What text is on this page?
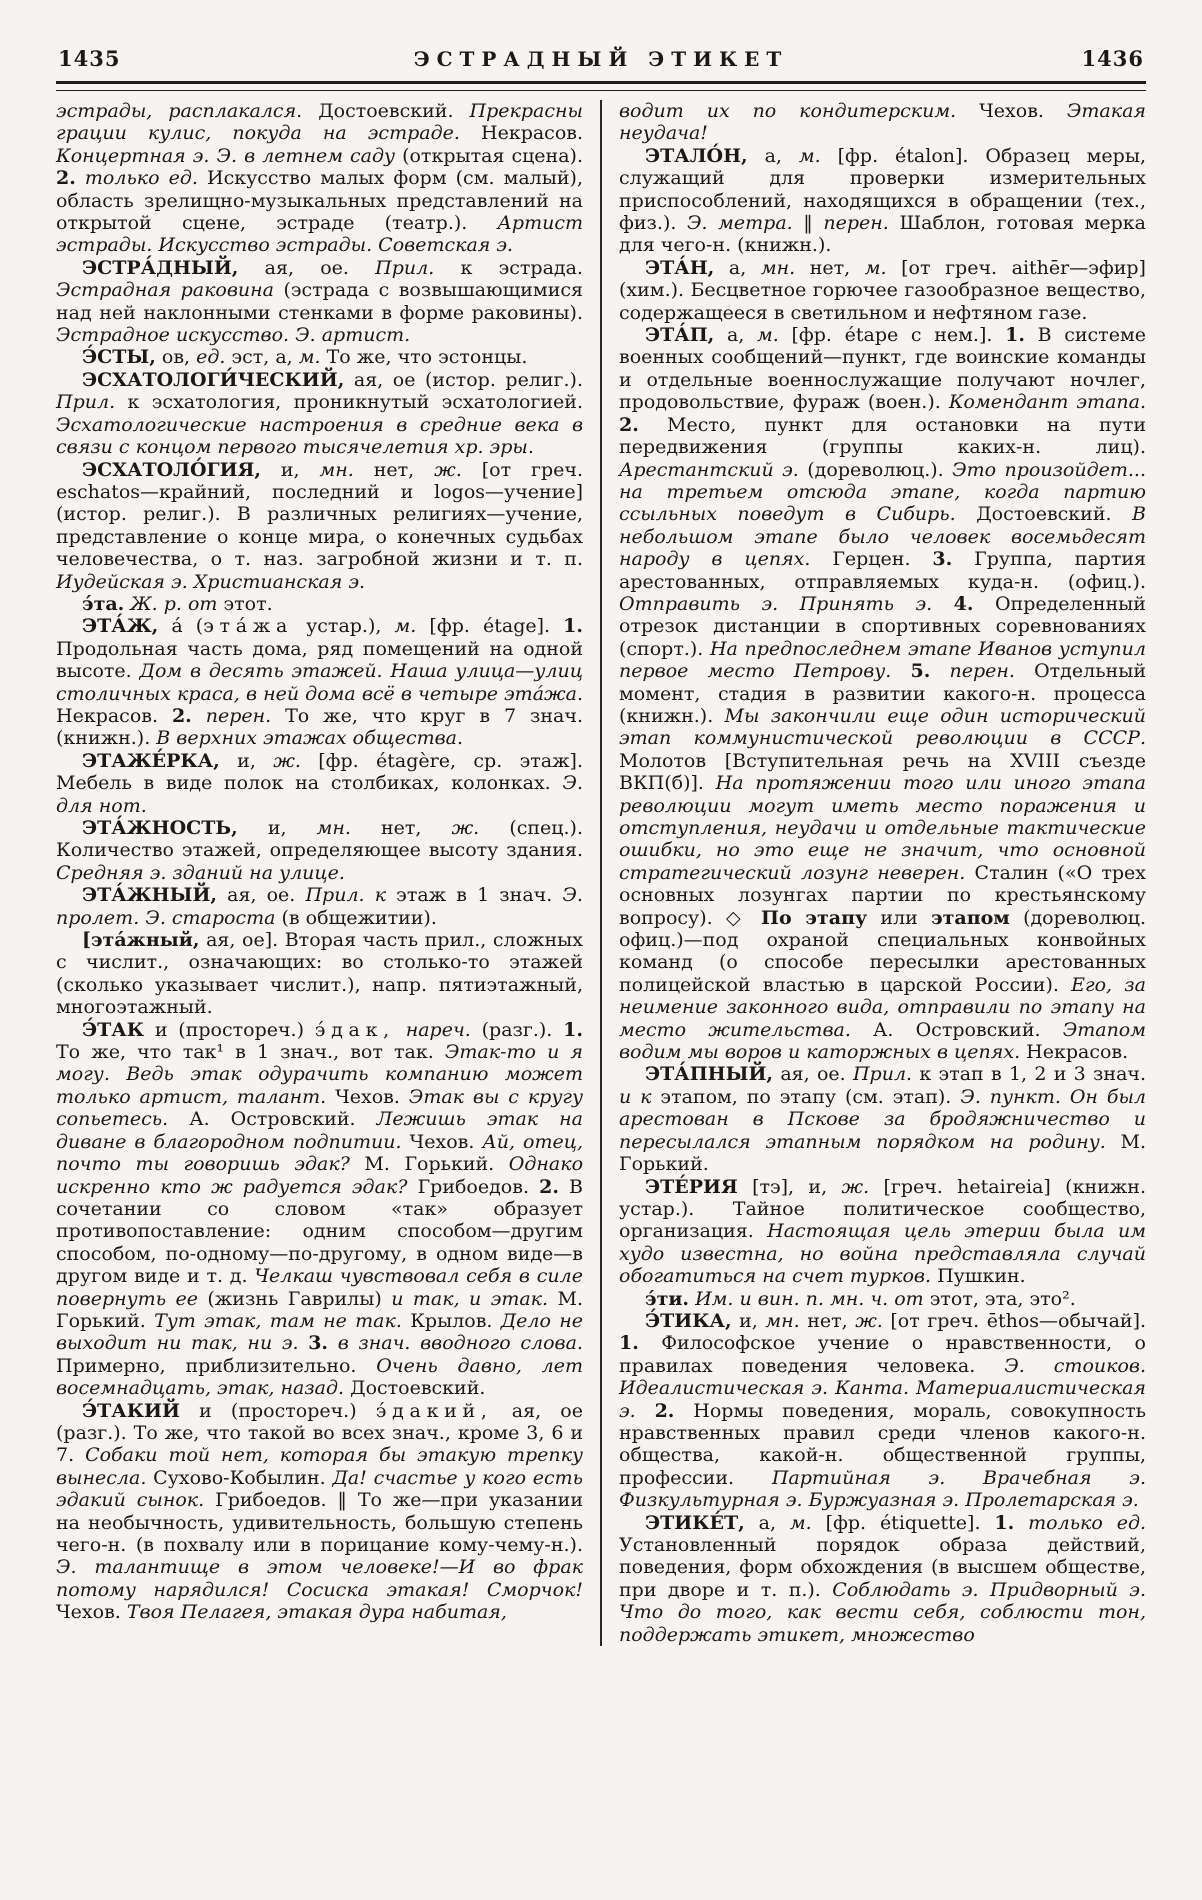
1435	ЭСТРАДНЫЙ ЭТИКЕТ	1436

эстрады, расплакался. Достоевский. Прекрасны грации кулис, покуда на эстраде. Некрасов. Концертная э. Э. в летнем саду (открытая сцена). 2. только ед. Искусство малых форм (см. малый), область зрелищно-музыкальных представлений на открытой сцене, эстраде (театр.). Артист эстрады. Искусство эстрады. Советская э.

ЭСТРА́ДНЫЙ, ая, ое. Прил. к эстрада. Эстрадная раковина (эстрада с возвышающимися над ней наклонными стенками в форме раковины). Эстрадное искусство. Э. артист.

Э́СТЫ, ов, ед. эст, а, м. То же, что эстонцы.

ЭСХАТОЛОГИ́ЧЕСКИЙ, ая, ое (истор. религ.). Прил. к эсхатология, проникнутый эсхатологией. Эсхатологические настроения в средние века в связи с концом первого тысячелетия хр. эры.

ЭСХАТОЛО́ГИЯ, и, мн. нет, ж. [от греч. eschatos—крайний, последний и logos—учение] (истор. религ.). В различных религиях—учение, представление о конце мира, о конечных судьбах человечества, о т. наз. загробной жизни и т. п. Иудейская э. Христианская э.

э́та. Ж. р. от этот.

ЭТА́Ж, а́ (эта́жа устар.), м. [фр. étage]. 1. Продольная часть дома, ряд помещений на одной высоте. Дом в десять этажей. Наша улица—улиц столичных краса, в ней дома всё в четыре эта́жа. Некрасов. 2. перен. То же, что круг в 7 знач. (книжн.). В верхних этажах общества.

ЭТАЖЕ́РКА, и, ж. [фр. étagère, ср. этаж]. Мебель в виде полок на столбиках, колонках. Э. для нот.

ЭТА́ЖНОСТЬ, и, мн. нет, ж. (спец.). Количество этажей, определяющее высоту здания. Средняя э. зданий на улице.

ЭТА́ЖНЫЙ, ая, ое. Прил. к этаж в 1 знач. Э. пролет. Э. староста (в общежитии).

[эта́жный, ая, ое]. Вторая часть прил., сложных с числит., означающих: во столько-то этажей (сколько указывает числит.), напр. пятиэтажный, многоэтажный.

Э́ТАК и (простореч.) э́дак, нареч. (разг.). 1. То же, что так¹ в 1 знач., вот так. Этак-то и я могу. Ведь этак одурачить компанию может только артист, талант. Чехов. Этак вы с кругу сопьетесь. А. Островский. Лежишь этак на диване в благородном подпитии. Чехов. Ай, отец, почто ты говоришь эдак? М. Горький. Однако искренно кто ж радуется эдак? Грибоедов. 2. В сочетании со словом «так» образует противопоставление: одним способом—другим способом, по-одному—по-другому, в одном виде—в другом виде и т. д. Челкаш чувствовал себя в силе повернуть ее (жизнь Гаврилы) и так, и этак. М. Горький. Тут этак, там не так. Крылов. Дело не выходит ни так, ни э. 3. в знач. вводного слова. Примерно, приблизительно. Очень давно, лет восемнадцать, этак, назад. Достоевский.

Э́ТАКИЙ и (простореч.) э́дакий, ая, ое (разг.). То же, что такой во всех знач., кроме 3, 6 и 7. Собаки той нет, которая бы этакую трепку вынесла. Сухово-Кобылин. Да! счастье у кого есть эдакий сынок. Грибоедов. ‖ То же—при указании на необычность, удивительность, большую степень чего-н. (в похвалу или в порицание кому-чему-н.). Э. талантище в этом человеке!—И во фрак потому нарядился! Сосиска этакая! Сморчок! Чехов. Твоя Пелагея, этакая дура набитая,

водит их по кондитерским. Чехов. Этакая неудача!

ЭТАЛО́Н, а, м. [фр. étalon]. Образец меры, служащий для проверки измерительных приспособлений, находящихся в обращении (тех., физ.). Э. метра. ‖ перен. Шаблон, готовая мерка для чего-н. (книжн.).

ЭТА́Н, а, мн. нет, м. [от греч. aithēr—эфир] (хим.). Бесцветное горючее газообразное вещество, содержащееся в светильном и нефтяном газе.

ЭТА́П, а, м. [фр. étape с нем.]. 1. В системе военных сообщений—пункт, где воинские команды и отдельные военнослужащие получают ночлег, продовольствие, фураж (воен.). Комендант этапа. 2. Место, пункт для остановки на пути передвижения (группы каких-н. лиц). Арестантский э. (дореволюц.). Это произойдет... на третьем отсюда этапе, когда партию ссыльных поведут в Сибирь. Достоевский. В небольшом этапе было человек восемьдесят народу в цепях. Герцен. 3. Группа, партия арестованных, отправляемых куда-н. (офиц.). Отправить э. Принять э. 4. Определенный отрезок дистанции в спортивных соревнованиях (спорт.). На предпоследнем этапе Иванов уступил первое место Петрову. 5. перен. Отдельный момент, стадия в развитии какого-н. процесса (книжн.). Мы закончили еще один исторический этап коммунистической революции в СССР. Молотов [Вступительная речь на XVIII съезде ВКП(б)]. На протяжении того или иного этапа революции могут иметь место поражения и отступления, неудачи и отдельные тактические ошибки, но это еще не значит, что основной стратегический лозунг неверен. Сталин («О трех основных лозунгах партии по крестьянскому вопросу). ◇ По этапу или этапом (дореволюц. офиц.)—под охраной специальных конвойных команд (о способе пересылки арестованных полицейской властью в царской России). Его, за неимение законного вида, отправили по этапу на место жительства. А. Островский. Этапом водим мы воров и каторжных в цепях. Некрасов.

ЭТА́ПНЫЙ, ая, ое. Прил. к этап в 1, 2 и 3 знач. и к этапом, по этапу (см. этап). Э. пункт. Он был арестован в Пскове за бродяжничество и пересылался этапным порядком на родину. М. Горький.

ЭТЕ́РИЯ [тэ], и, ж. [греч. hetaireia] (книжн. устар.). Тайное политическое сообщество, организация. Настоящая цель этерии была им худо известна, но война представляла случай обогатиться на счет турков. Пушкин.

э́ти. Им. и вин. п. мн. ч. от этот, эта, это².

Э́ТИКА, и, мн. нет, ж. [от греч. ēthos—обычай]. 1. Философское учение о нравственности, о правилах поведения человека. Э. стоиков. Идеалистическая э. Канта. Материалистическая э. 2. Нормы поведения, мораль, совокупность нравственных правил среди членов какого-н. общества, какой-н. общественной группы, профессии. Партийная э. Врачебная э. Физкультурная э. Буржуазная э. Пролетарская э.

ЭТИКЕ́Т, а, м. [фр. étiquette]. 1. только ед. Установленный порядок образа действий, поведения, форм обхождения (в высшем обществе, при дворе и т. п.). Соблюдать э. Придворный э. Что до того, как вести себя, соблюсти тон, поддержать этикет, множество
